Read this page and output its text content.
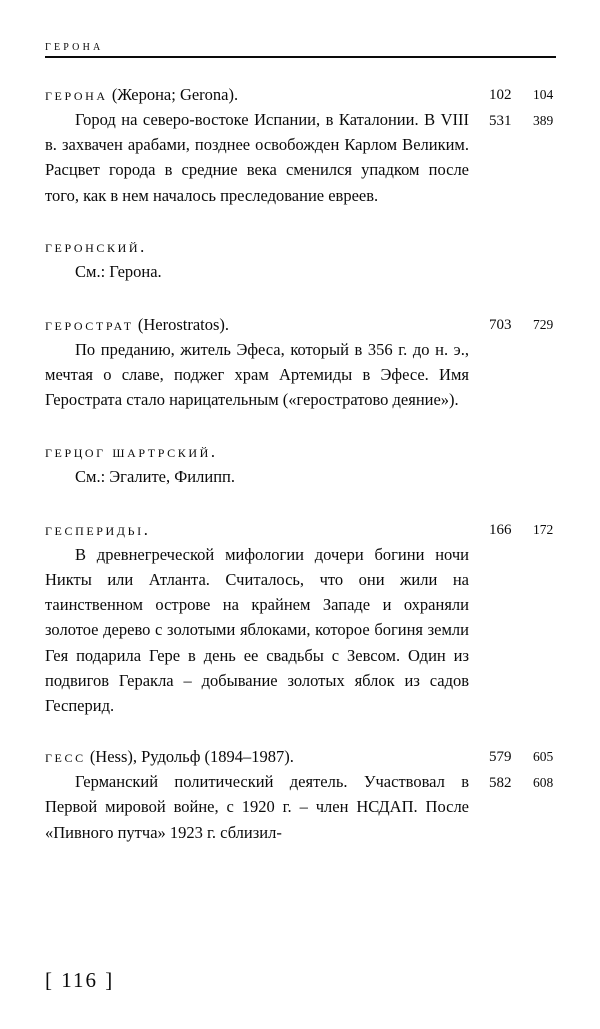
герона
герона (Жерона; Gerona).

Город на северо-востоке Испании, в Каталонии. В VIII в. захвачен арабами, позднее освобожден Карлом Великим. Расцвет города в средние века сменился упадком после того, как в нем началось преследование евреев.

102 104
531 389
геронский.

См.: Герона.

герострат (Herostratos).

По преданию, житель Эфеса, который в 356 г. до н. э., мечтая о славе, поджег храм Артемиды в Эфесе. Имя Герострата стало нарицательным («геростратово деяние»).

703 729
герцог шартрский.

См.: Эгалите, Филипп.

гесперидьı.

В древнегреческой мифологии дочери богини ночи Никты или Атланта. Считалось, что они жили на таинственном острове на крайнем Западе и охраняли золотое дерево с золотыми яблоками, которое богиня земли Гея подарила Гере в день ее свадьбы с Зевсом. Один из подвигов Геракла – добывание золотых яблок из садов Гесперид.

166 172
гесс (Hess), Рудольф (1894–1987).

Германский политический деятель. Участвовал в Первой мировой войне, с 1920 г. – член НСДАП. После «Пивного путча» 1923 г. сблизил-

579 605
582 608
[ 116 ]
